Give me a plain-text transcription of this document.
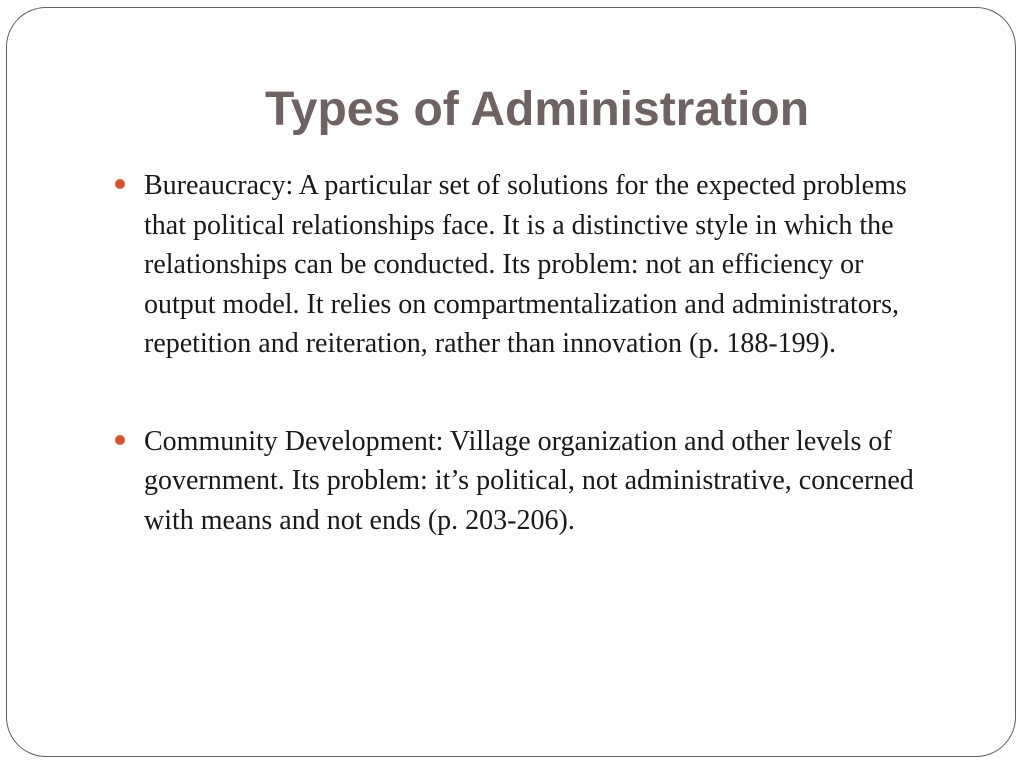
Types of Administration
Bureaucracy: A particular set of solutions for the expected problems that political relationships face. It is a distinctive style in which the relationships can be conducted. Its problem: not an efficiency or output model. It relies on compartmentalization and administrators, repetition and reiteration, rather than innovation (p. 188-199).
Community Development: Village organization and other levels of government. Its problem: it’s political, not administrative, concerned with means and not ends (p. 203-206).
